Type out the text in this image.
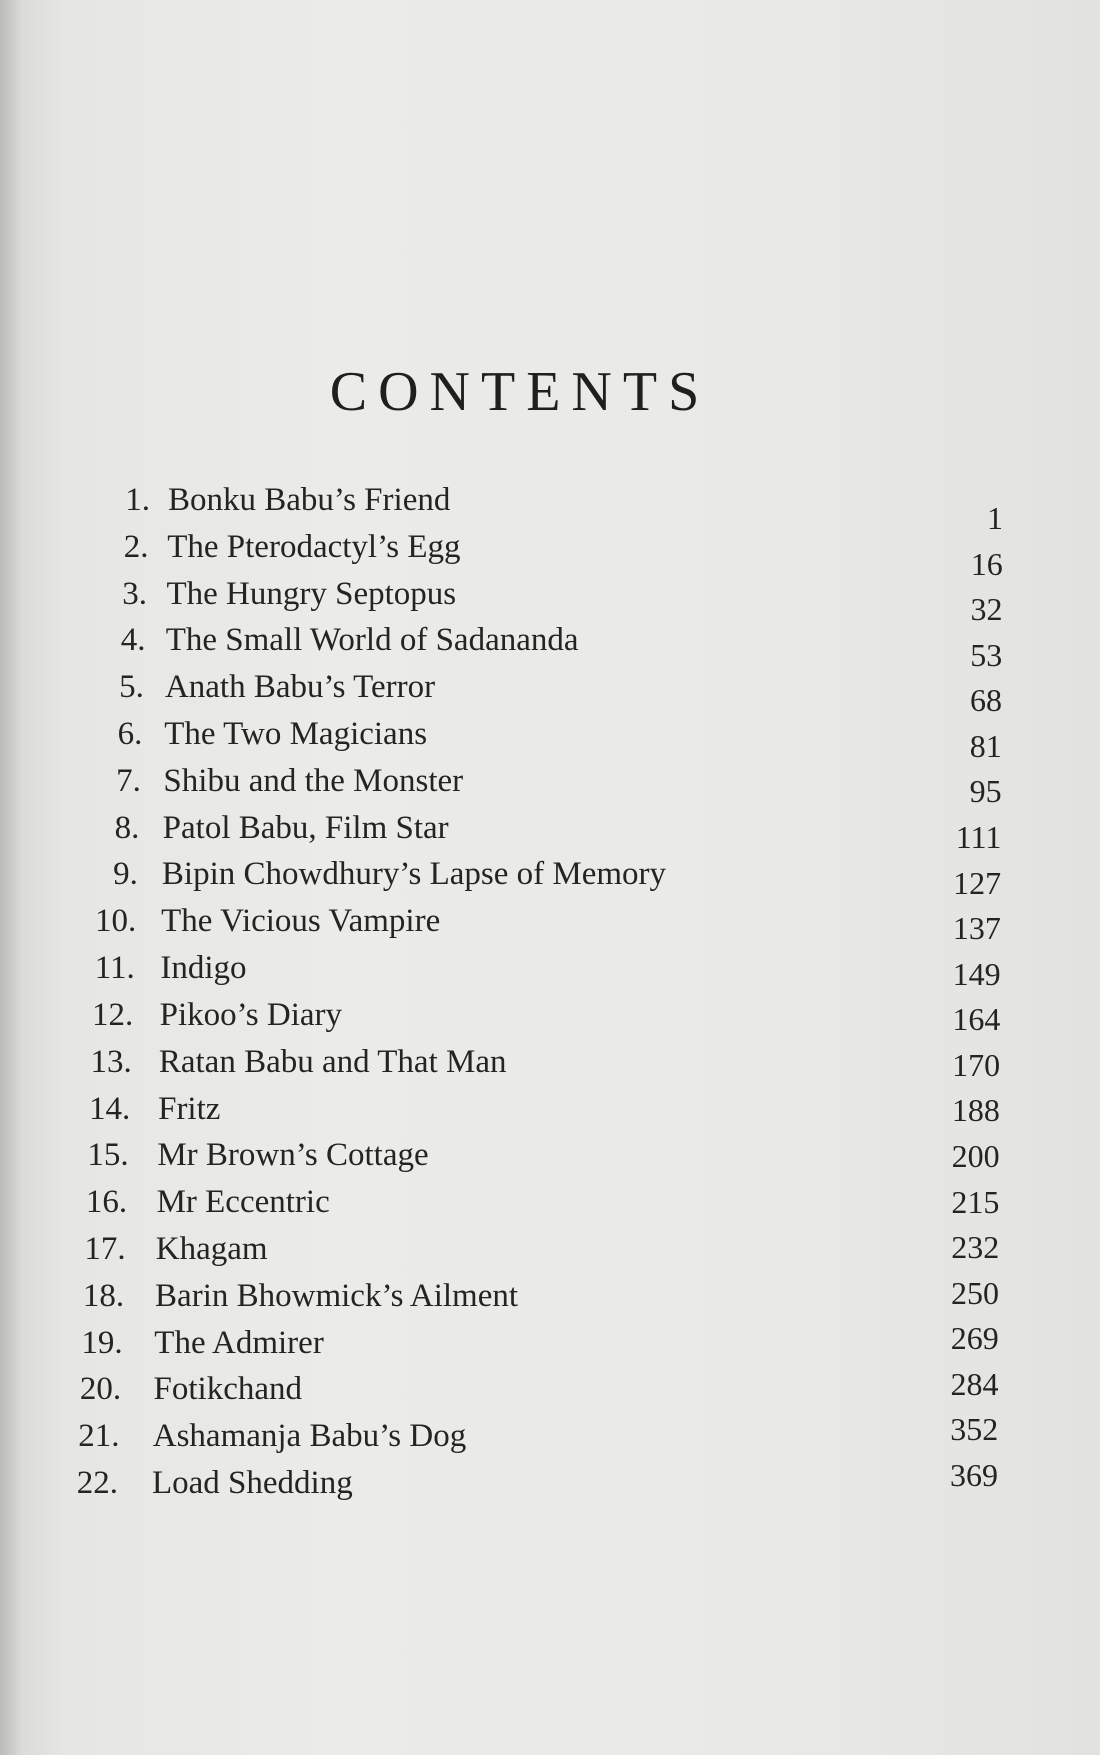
CONTENTS
1. Bonku Babu’s Friend	1
2. The Pterodactyl’s Egg	16
3. The Hungry Septopus	32
4. The Small World of Sadananda	53
5. Anath Babu’s Terror	68
6. The Two Magicians	81
7. Shibu and the Monster	95
8. Patol Babu, Film Star	111
9. Bipin Chowdhury’s Lapse of Memory	127
10. The Vicious Vampire	137
11. Indigo	149
12. Pikoo’s Diary	164
13. Ratan Babu and That Man	170
14. Fritz	188
15. Mr Brown’s Cottage	200
16. Mr Eccentric	215
17. Khagam	232
18. Barin Bhowmick’s Ailment	250
19. The Admirer	269
20. Fotikchand	284
21. Ashamanja Babu’s Dog	352
22. Load Shedding	369
